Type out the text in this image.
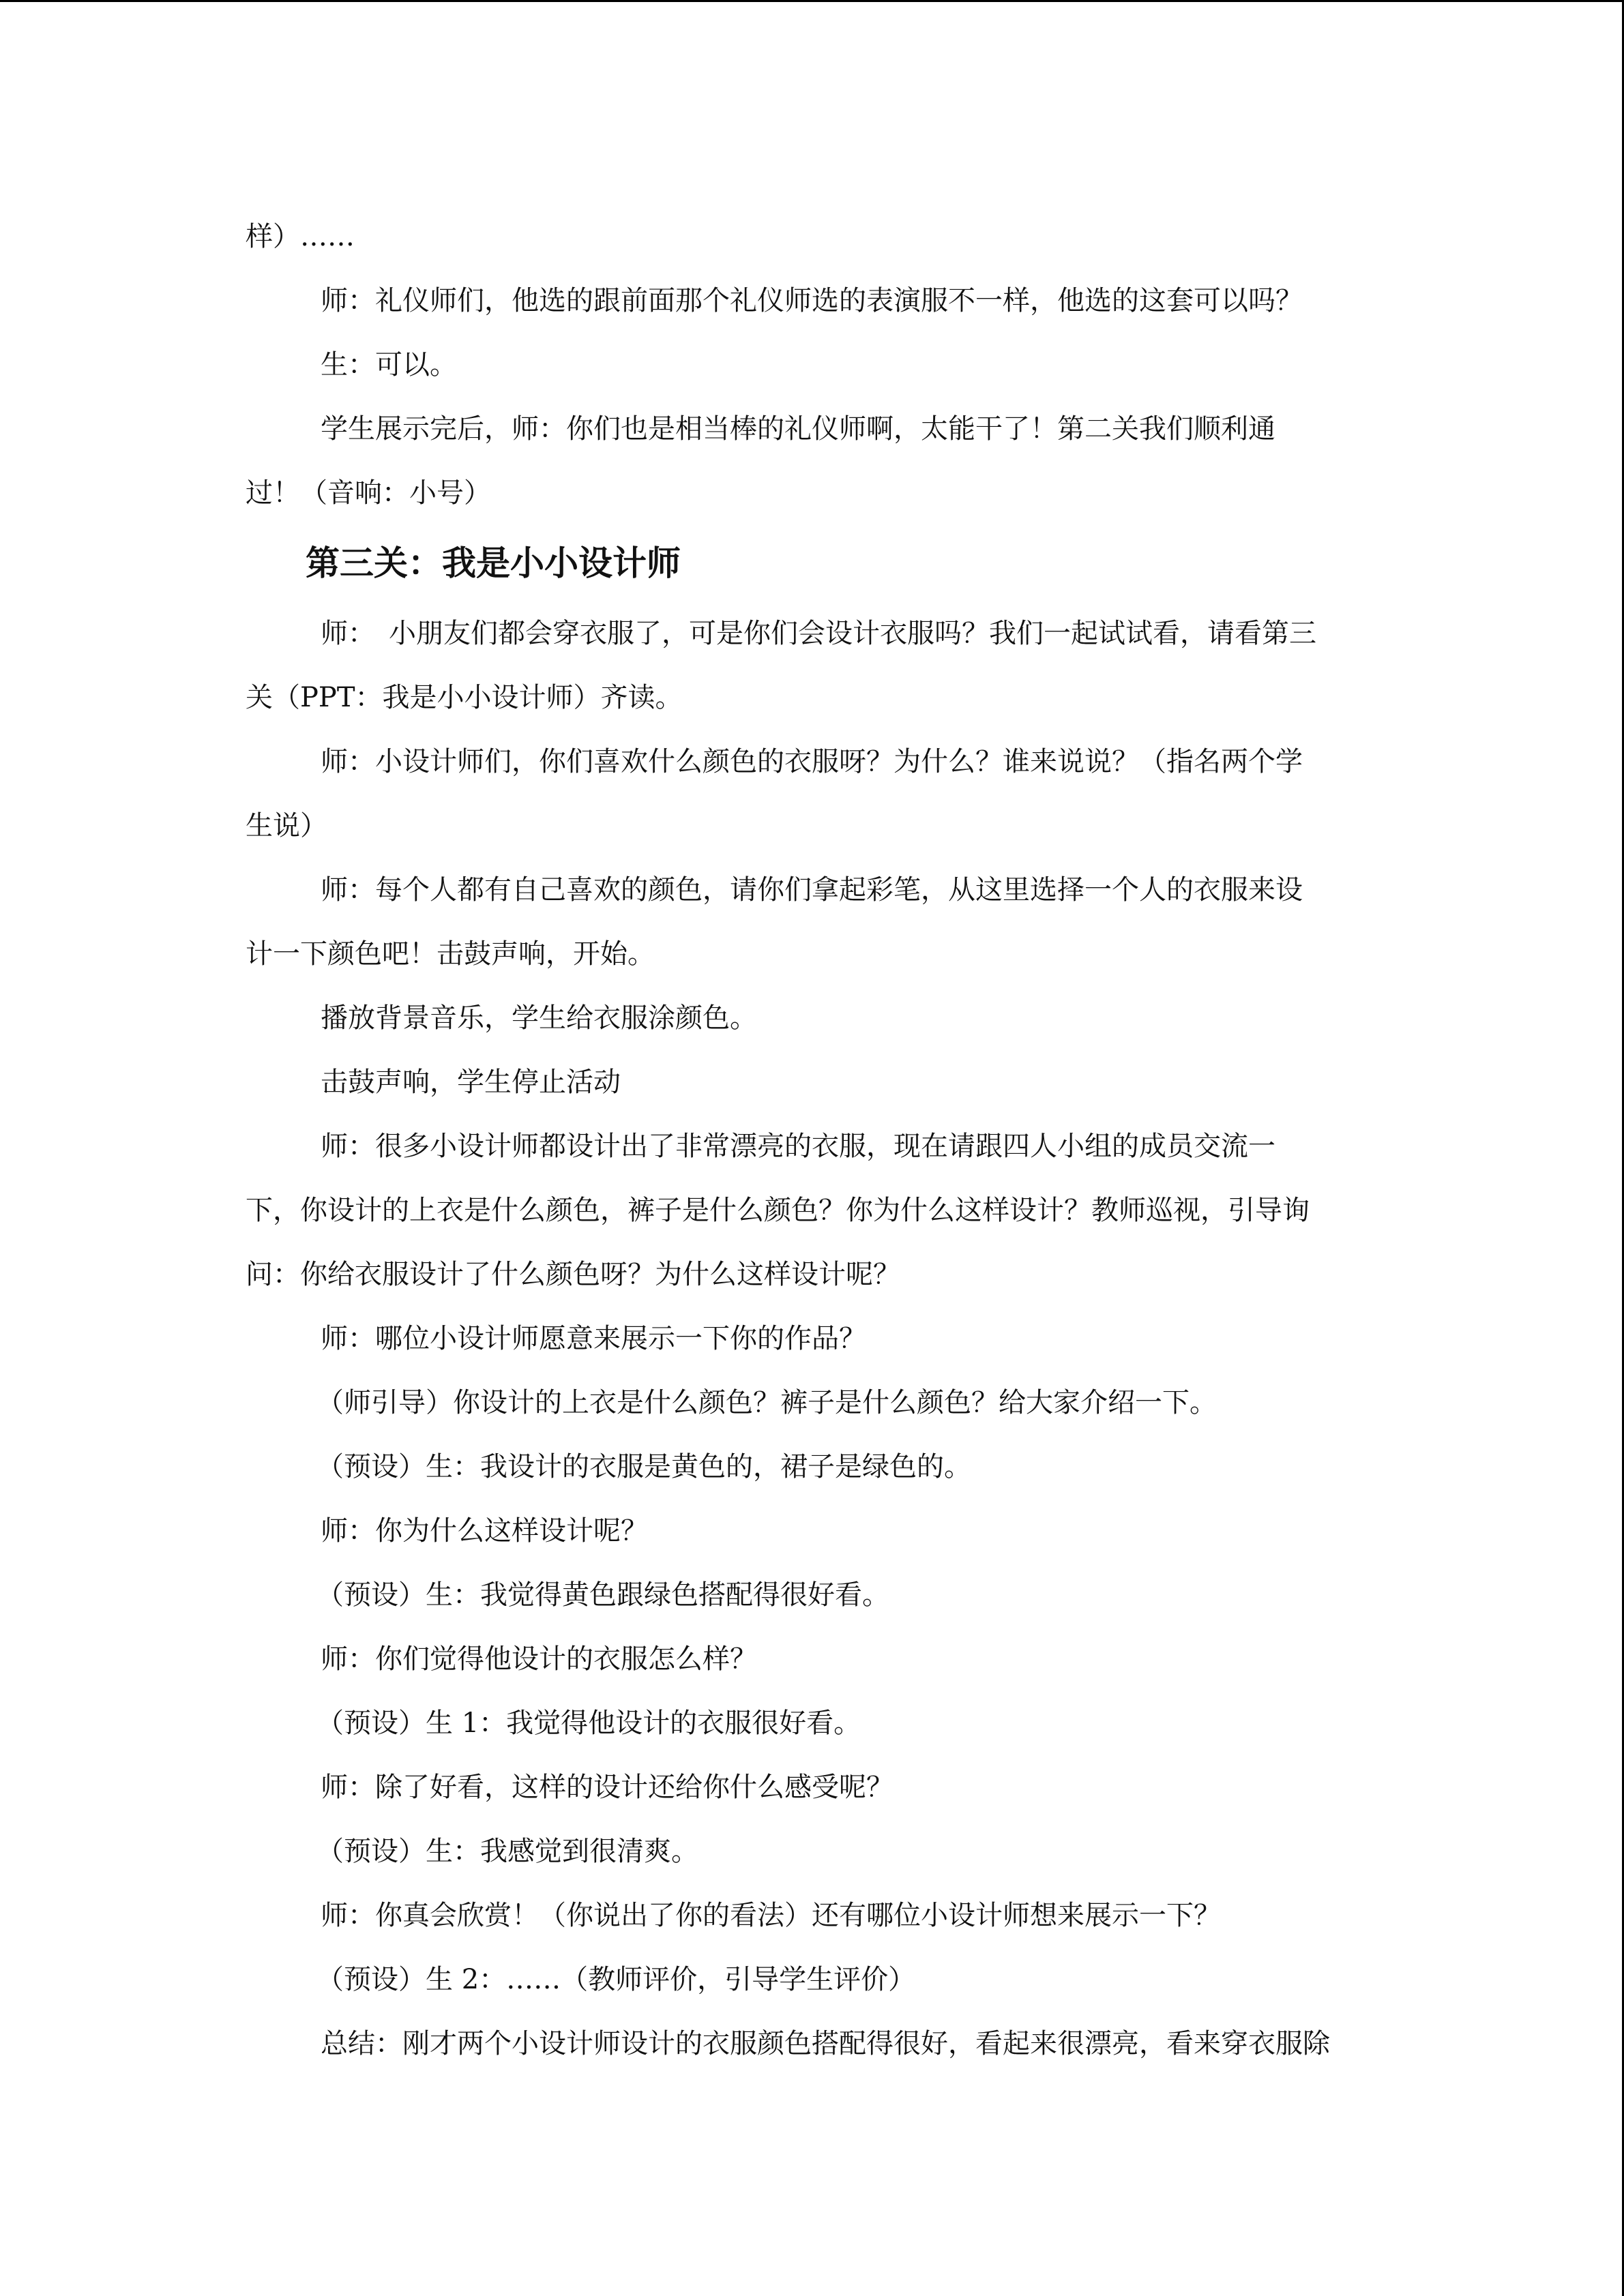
样）……

师：礼仪师们，他选的跟前面那个礼仪师选的表演服不一样，他选的这套可以吗？

生：可以。

学生展示完后，师：你们也是相当棒的礼仪师啊，太能干了！第二关我们顺利通

过！（音响：小号）

第三关：我是小小设计师

师：　小朋友们都会穿衣服了，可是你们会设计衣服吗？我们一起试试看，请看第三

关（PPT：我是小小设计师）齐读。

师：小设计师们，你们喜欢什么颜色的衣服呀？为什么？谁来说说？（指名两个学

生说）

师：每个人都有自己喜欢的颜色，请你们拿起彩笔，从这里选择一个人的衣服来设

计一下颜色吧！击鼓声响，开始。

播放背景音乐，学生给衣服涂颜色。

击鼓声响，学生停止活动

师：很多小设计师都设计出了非常漂亮的衣服，现在请跟四人小组的成员交流一

下，你设计的上衣是什么颜色，裤子是什么颜色？你为什么这样设计？教师巡视，引导询

问：你给衣服设计了什么颜色呀？为什么这样设计呢？

师：哪位小设计师愿意来展示一下你的作品？

（师引导）你设计的上衣是什么颜色？裤子是什么颜色？给大家介绍一下。

（预设）生：我设计的衣服是黄色的，裙子是绿色的。

师：你为什么这样设计呢？

（预设）生：我觉得黄色跟绿色搭配得很好看。

师：你们觉得他设计的衣服怎么样？

（预设）生 1：我觉得他设计的衣服很好看。

师：除了好看，这样的设计还给你什么感受呢？

（预设）生：我感觉到很清爽。

师：你真会欣赏！（你说出了你的看法）还有哪位小设计师想来展示一下？

（预设）生 2：……（教师评价，引导学生评价）

总结：刚才两个小设计师设计的衣服颜色搭配得很好，看起来很漂亮，看来穿衣服除
